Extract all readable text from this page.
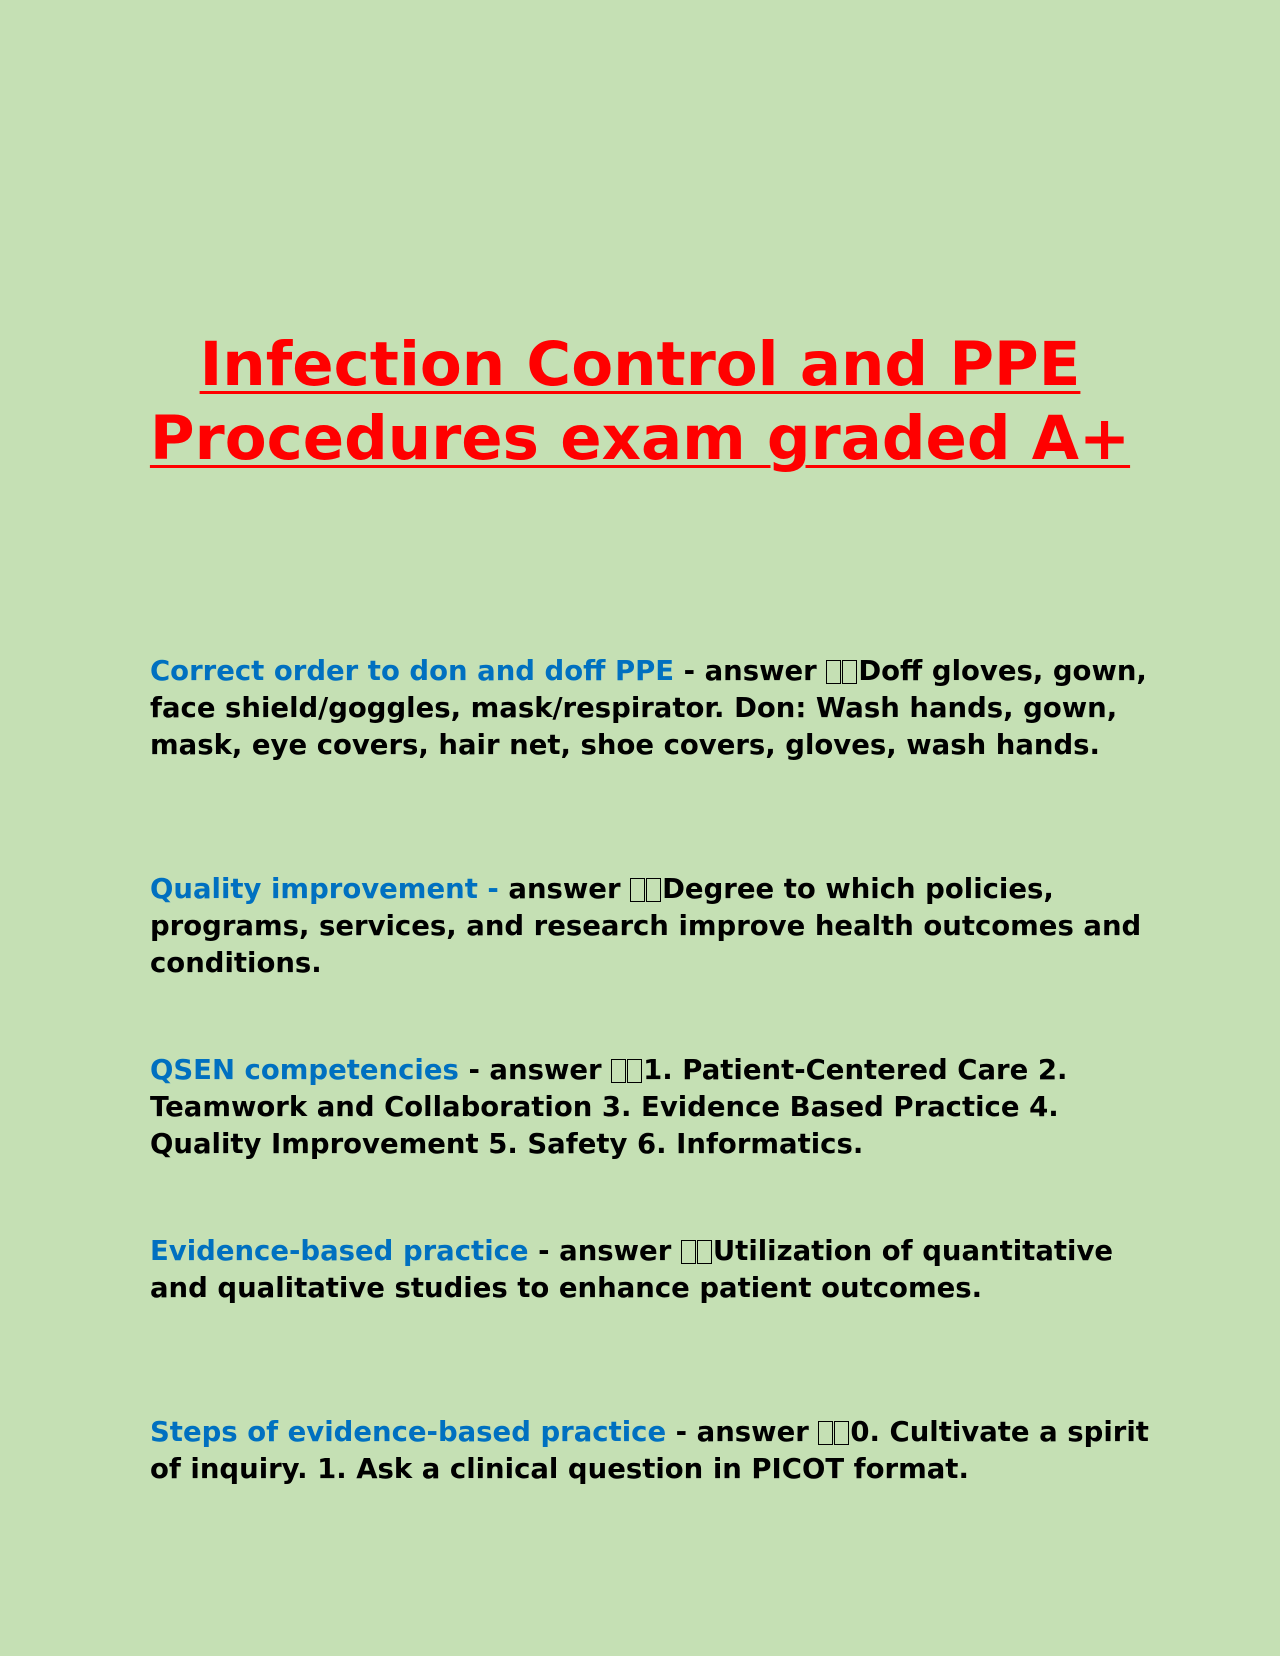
Infection Control and PPE
Procedures exam graded A+

Correct order to don and doff PPE - answer Doff gloves, gown, face shield/goggles, mask/respirator. Don: Wash hands, gown, mask, eye covers, hair net, shoe covers, gloves, wash hands.

Quality improvement - answer Degree to which policies, programs, services, and research improve health outcomes and conditions.

QSEN competencies - answer 1. Patient-Centered Care 2. Teamwork and Collaboration 3. Evidence Based Practice 4. Quality Improvement 5. Safety 6. Informatics.

Evidence-based practice - answer Utilization of quantitative and qualitative studies to enhance patient outcomes.

Steps of evidence-based practice - answer 0. Cultivate a spirit of inquiry. 1. Ask a clinical question in PICOT format.
